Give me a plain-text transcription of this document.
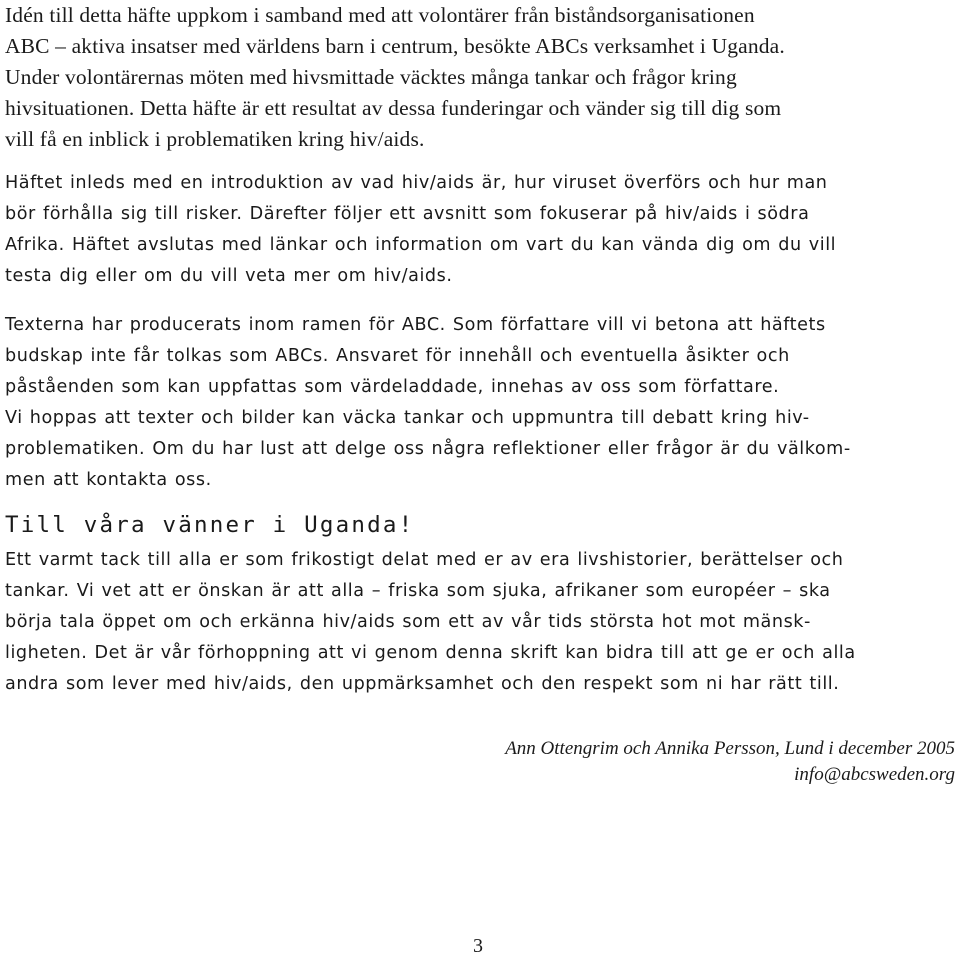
Idén till detta häfte uppkom i samband med att volontärer från biståndsorganisationen
ABC – aktiva insatser med världens barn i centrum, besökte ABCs verksamhet i Uganda.
Under volontärernas möten med hivsmittade väcktes många tankar och frågor kring
hivsituationen. Detta häfte är ett resultat av dessa funderingar och vänder sig till dig som
vill få en inblick i problematiken kring hiv/aids.
Häftet inleds med en introduktion av vad hiv/aids är, hur viruset överförs och hur man
bör förhålla sig till risker. Därefter följer ett avsnitt som fokuserar på hiv/aids i södra
Afrika. Häftet avslutas med länkar och information om vart du kan vända dig om du vill
testa dig eller om du vill veta mer om hiv/aids.
Texterna har producerats inom ramen för ABC. Som författare vill vi betona att häftets
budskap inte får tolkas som ABCs. Ansvaret för innehåll och eventuella åsikter och
påståenden som kan uppfattas som värdeladdade, innehas av oss som författare.
Vi hoppas att texter och bilder kan väcka tankar och uppmuntra till debatt kring hiv-
problematiken. Om du har lust att delge oss några reflektioner eller frågor är du välkom-
men att kontakta oss.
Till våra vänner i Uganda!
Ett varmt tack till alla er som frikostigt delat med er av era livshistorier, berättelser och
tankar. Vi vet att er önskan är att alla – friska som sjuka, afrikaner som européer – ska
börja tala öppet om och erkänna hiv/aids som ett av vår tids största hot mot mänsk-
ligheten. Det är vår förhoppning att vi genom denna skrift kan bidra till att ge er och alla
andra som lever med hiv/aids, den uppmärksamhet och den respekt som ni har rätt till.
Ann Ottengrim och Annika Persson, Lund i december 2005
info@abcsweden.org
3
